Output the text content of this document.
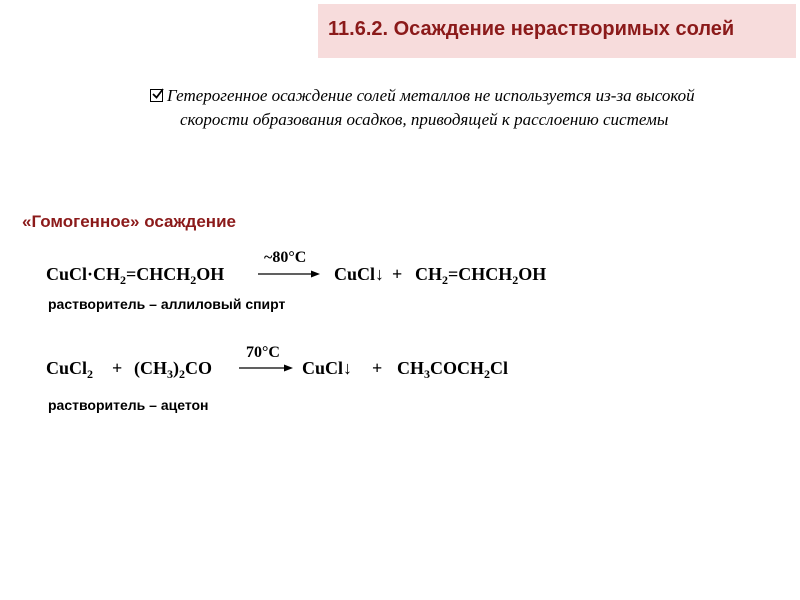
11.6.2. Осаждение нерастворимых солей
Гетерогенное осаждение солей металлов не используется из-за высокой
скорости образования осадков, приводящей к расслоению системы
«Гомогенное» осаждение
$CuCl\cdot CH_2=CHCH_2OH$
~80°C
CuCl↓ + $CH_2=CHCH_2OH$
растворитель – аллиловый спирт
CuCl$_2$ + $(CH_3)_2CO$
70°C
CuCl↓ + $CH_3COCH_2Cl$
растворитель – ацетон
